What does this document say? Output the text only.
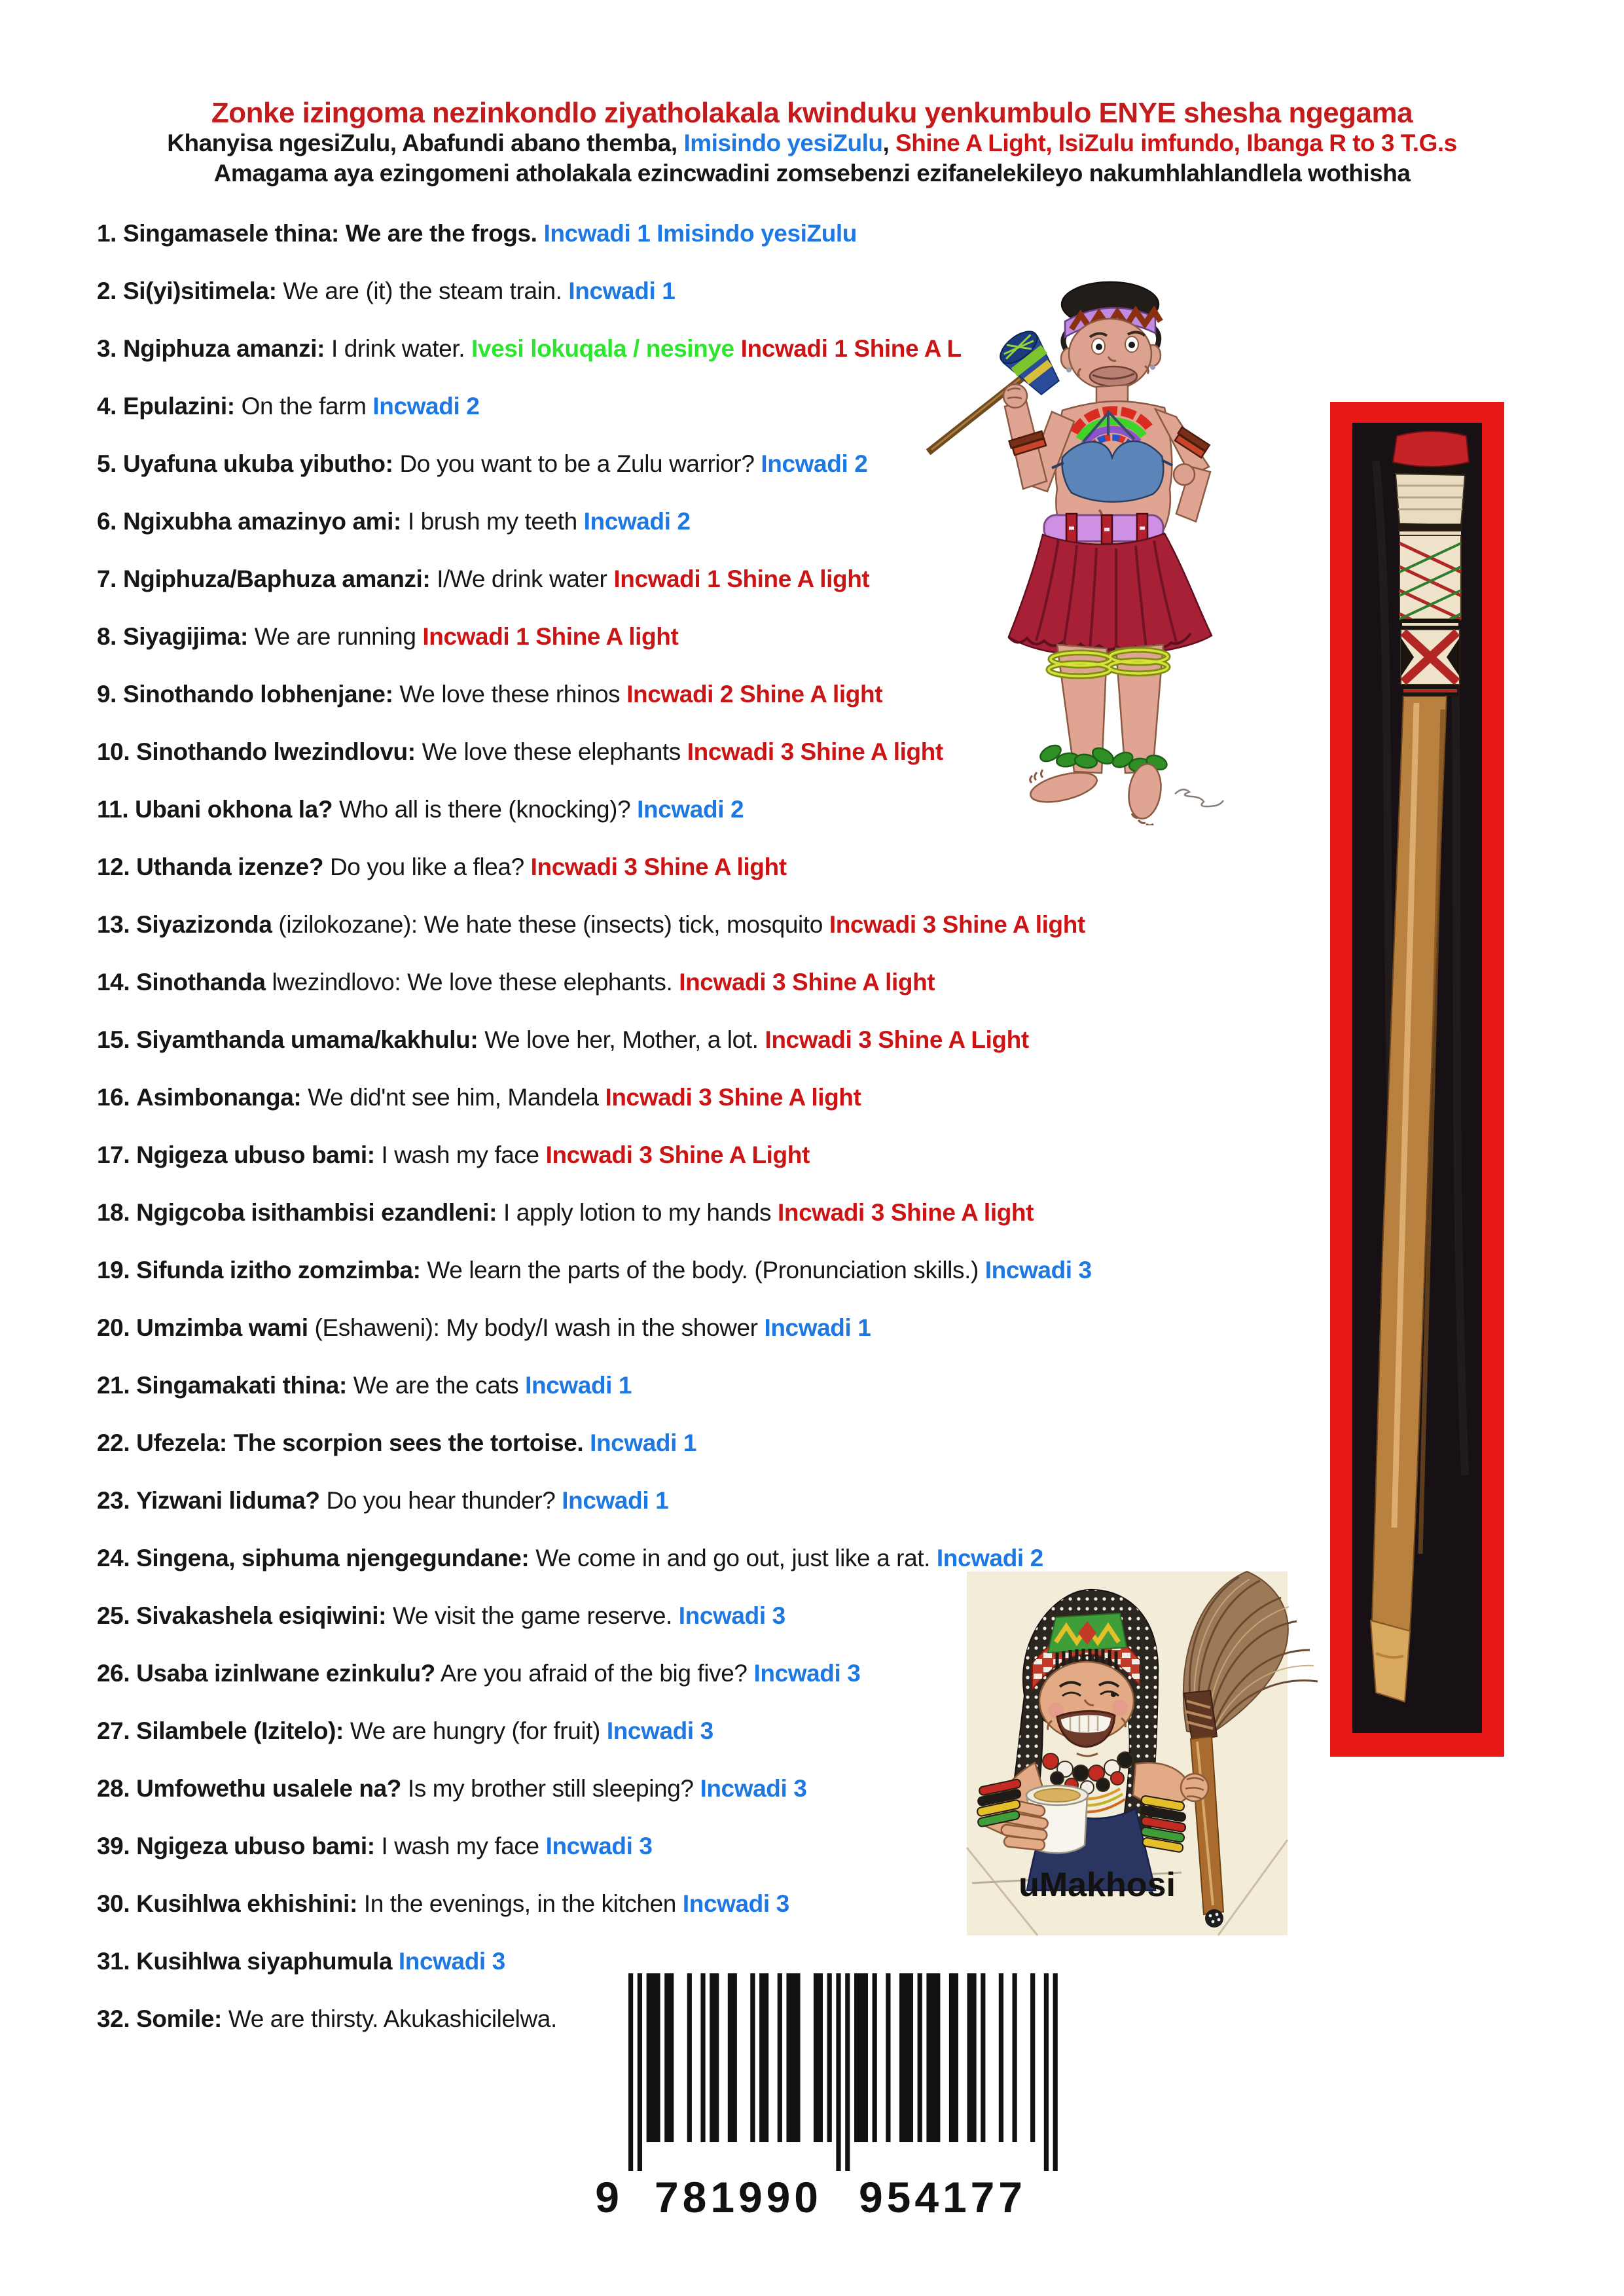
Zonke izingoma nezinkondlo ziyatholakala kwinduku yenkumbulo ENYE shesha ngegama
Khanyisa ngesiZulu, Abafundi abano themba, Imisindo yesiZulu, Shine A Light, IsiZulu imfundo, Ibanga R to 3 T.G.s
Amagama aya ezingomeni atholakala ezincwadini zomsebenzi ezifanelekileyo nakumhlahlandlela wothisha
1. Singamasele thina: We are the frogs. Incwadi 1 Imisindo yesiZulu
2. Si(yi)sitimela: We are (it) the steam train. Incwadi 1
3. Ngiphuza amanzi: I drink water. Ivesi lokuqala / nesinye Incwadi 1 Shine A L
4. Epulazini: On the farm Incwadi 2
5. Uyafuna ukuba yibutho: Do you want to be a Zulu warrior? Incwadi 2
6. Ngixubha amazinyo ami: I brush my teeth Incwadi 2
7. Ngiphuza/Baphuza amanzi: I/We drink water Incwadi 1 Shine A light
8. Siyagijima: We are running Incwadi 1 Shine A light
9. Sinothando lobhenjane: We love these rhinos Incwadi 2 Shine A light
10. Sinothando lwezindlovu: We love these elephants Incwadi 3 Shine A light
11. Ubani okhona la? Who all is there (knocking)? Incwadi 2
12. Uthanda izenze? Do you like a flea? Incwadi 3 Shine A light
13. Siyazizonda (izilokozane): We hate these (insects) tick, mosquito Incwadi 3 Shine A light
14. Sinothanda lwezindlovo: We love these elephants. Incwadi 3 Shine A light
15. Siyamthanda umama/kakhulu: We love her, Mother, a lot. Incwadi 3 Shine A Light
16. Asimbonanga: We did'nt see him, Mandela Incwadi 3 Shine A light
17. Ngigeza ubuso bami: I wash my face Incwadi 3 Shine A Light
18. Ngigcoba isithambisi ezandleni: I apply lotion to my hands Incwadi 3 Shine A light
19. Sifunda izitho zomzimba: We learn the parts of the body. (Pronunciation skills.) Incwadi 3
20. Umzimba wami (Eshaweni): My body/I wash in the shower Incwadi 1
21. Singamakati thina: We are the cats Incwadi 1
22. Ufezela: The scorpion sees the tortoise. Incwadi 1
23. Yizwani liduma? Do you hear thunder? Incwadi 1
24. Singena, siphuma njengegundane: We come in and go out, just like a rat. Incwadi 2
25. Sivakashela esiqiwini: We visit the game reserve. Incwadi 3
26. Usaba izinlwane ezinkulu? Are you afraid of the big five? Incwadi 3
27. Silambele (Izitelo): We are hungry (for fruit) Incwadi 3
28. Umfowethu usalele na? Is my brother still sleeping? Incwadi 3
39. Ngigeza ubuso bami: I wash my face Incwadi 3
30. Kusihlwa ekhishini: In the evenings, in the kitchen Incwadi 3
31. Kusihlwa siyaphumula Incwadi 3
32. Somile: We are thirsty. Akukashicilelwa.
uMakhosi
9 781990 954177
